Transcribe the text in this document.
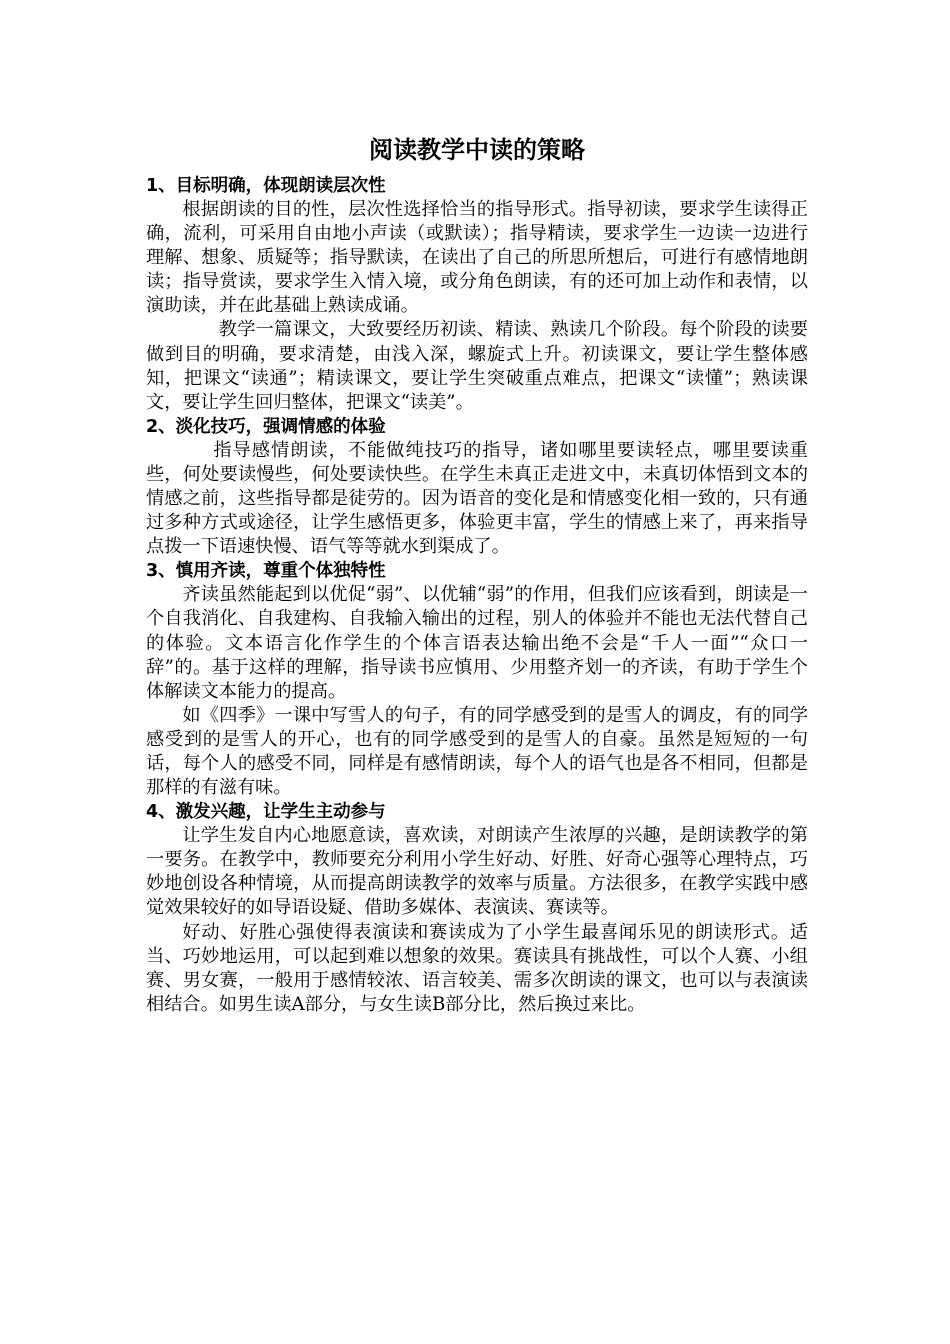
阅读教学中读的策略
1、目标明确，体现朗读层次性

根据朗读的目的性，层次性选择恰当的指导形式。指导初读，要求学生读得正确，流利，可采用自由地小声读（或默读）；指导精读，要求学生一边读一边进行理解、想象、质疑等；指导默读，在读出了自己的所思所想后，可进行有感情地朗读；指导赏读，要求学生入情入境，或分角色朗读，有的还可加上动作和表情，以演助读，并在此基础上熟读成诵。

教学一篇课文，大致要经历初读、精读、熟读几个阶段。每个阶段的读要做到目的明确，要求清楚，由浅入深，螺旋式上升。初读课文，要让学生整体感知，把课文“读通”；精读课文，要让学生突破重点难点，把课文“读懂”；熟读课文，要让学生回归整体，把课文“读美”。

2、淡化技巧，强调情感的体验

指导感情朗读，不能做纯技巧的指导，诸如哪里要读轻点，哪里要读重些，何处要读慢些，何处要读快些。在学生未真正走进文中，未真切体悟到文本的情感之前，这些指导都是徒劳的。因为语音的变化是和情感变化相一致的，只有通过多种方式或途径，让学生感悟更多，体验更丰富，学生的情感上来了，再来指导点拨一下语速快慢、语气等等就水到渠成了。

3、慎用齐读，尊重个体独特性

齐读虽然能起到以优促“弱”、以优辅“弱”的作用，但我们应该看到，朗读是一个自我消化、自我建构、自我输入输出的过程，别人的体验并不能也无法代替自己的体验。文本语言化作学生的个体言语表达输出绝不会是“千人一面”“众口一辞”的。基于这样的理解，指导读书应慎用、少用整齐划一的齐读，有助于学生个体解读文本能力的提高。

如《四季》一课中写雪人的句子，有的同学感受到的是雪人的调皮，有的同学感受到的是雪人的开心，也有的同学感受到的是雪人的自豪。虽然是短短的一句话，每个人的感受不同，同样是有感情朗读，每个人的语气也是各不相同，但都是那样的有滋有味。

4、激发兴趣，让学生主动参与

让学生发自内心地愿意读，喜欢读，对朗读产生浓厚的兴趣，是朗读教学的第一要务。在教学中，教师要充分利用小学生好动、好胜、好奇心强等心理特点，巧妙地创设各种情境，从而提高朗读教学的效率与质量。方法很多，在教学实践中感觉效果较好的如导语设疑、借助多媒体、表演读、赛读等。

好动、好胜心强使得表演读和赛读成为了小学生最喜闻乐见的朗读形式。适当、巧妙地运用，可以起到难以想象的效果。赛读具有挑战性，可以个人赛、小组赛、男女赛，一般用于感情较浓、语言较美、需多次朗读的课文，也可以与表演读相结合。如男生读A部分，与女生读B部分比，然后换过来比。
